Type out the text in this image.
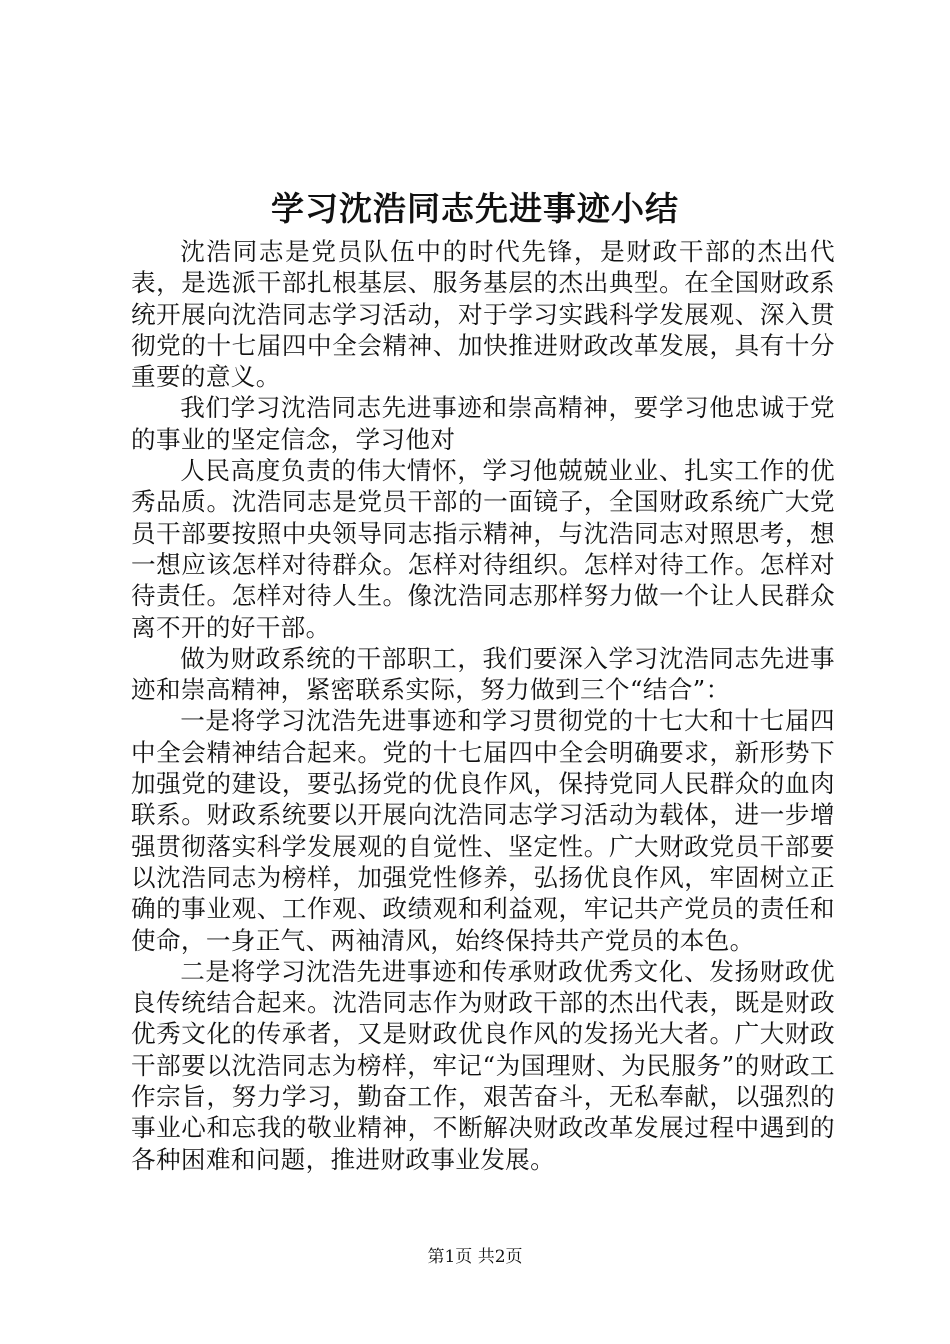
学习沈浩同志先进事迹小结

沈浩同志是党员队伍中的时代先锋，是财政干部的杰出代表，是选派干部扎根基层、服务基层的杰出典型。在全国财政系统开展向沈浩同志学习活动，对于学习实践科学发展观、深入贯彻党的十七届四中全会精神、加快推进财政改革发展，具有十分重要的意义。

我们学习沈浩同志先进事迹和崇高精神，要学习他忠诚于党的事业的坚定信念，学习他对

人民高度负责的伟大情怀，学习他兢兢业业、扎实工作的优秀品质。沈浩同志是党员干部的一面镜子，全国财政系统广大党员干部要按照中央领导同志指示精神，与沈浩同志对照思考，想一想应该怎样对待群众。怎样对待组织。怎样对待工作。怎样对待责任。怎样对待人生。像沈浩同志那样努力做一个让人民群众离不开的好干部。

做为财政系统的干部职工，我们要深入学习沈浩同志先进事迹和崇高精神，紧密联系实际，努力做到三个“结合”：

一是将学习沈浩先进事迹和学习贯彻党的十七大和十七届四中全会精神结合起来。党的十七届四中全会明确要求，新形势下加强党的建设，要弘扬党的优良作风，保持党同人民群众的血肉联系。财政系统要以开展向沈浩同志学习活动为载体，进一步增强贯彻落实科学发展观的自觉性、坚定性。广大财政党员干部要以沈浩同志为榜样，加强党性修养，弘扬优良作风，牢固树立正确的事业观、工作观、政绩观和利益观，牢记共产党员的责任和使命，一身正气、两袖清风，始终保持共产党员的本色。

二是将学习沈浩先进事迹和传承财政优秀文化、发扬财政优良传统结合起来。沈浩同志作为财政干部的杰出代表，既是财政优秀文化的传承者，又是财政优良作风的发扬光大者。广大财政干部要以沈浩同志为榜样，牢记“为国理财、为民服务”的财政工作宗旨，努力学习，勤奋工作，艰苦奋斗，无私奉献，以强烈的事业心和忘我的敬业精神，不断解决财政改革发展过程中遇到的各种困难和问题，推进财政事业发展。

第1页 共2页
